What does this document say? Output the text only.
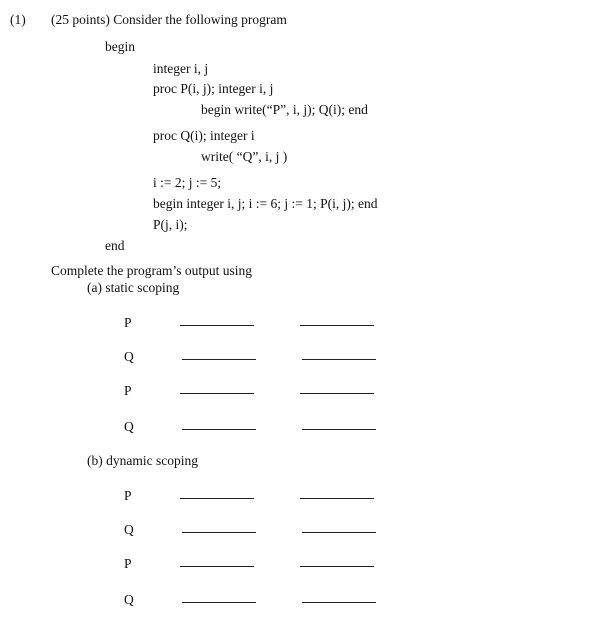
(1) (25 points) Consider the following program
begin
integer i, j
proc P(i, j); integer i, j
begin write(“P”, i, j); Q(i); end
proc Q(i); integer i
write( “Q”, i, j )
i := 2; j := 5;
begin integer i, j; i := 6; j := 1; P(i, j); end
P(j, i);
end
Complete the program’s output using
(a) static scoping
P
Q
P
Q
(b) dynamic scoping
P
Q
P
Q
